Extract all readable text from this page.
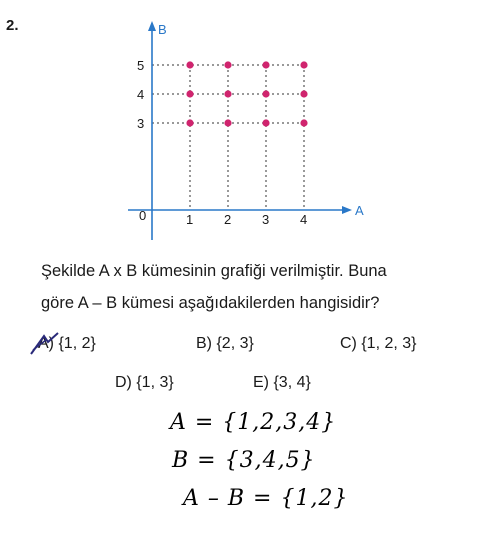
2.
A
B
0	1 2 3 4
3
4
5
Şekilde A x B kümesinin grafiği verilmiştir. Buna
göre A – B kümesi aşağıdakilerden hangisidir?
A) {1, 2}	B) {2, 3}	C) {1, 2, 3}
D) {1, 3}	E) {3, 4}
A = {1,2,3,4}
B = {3,4,5}
A – B = {1,2}
